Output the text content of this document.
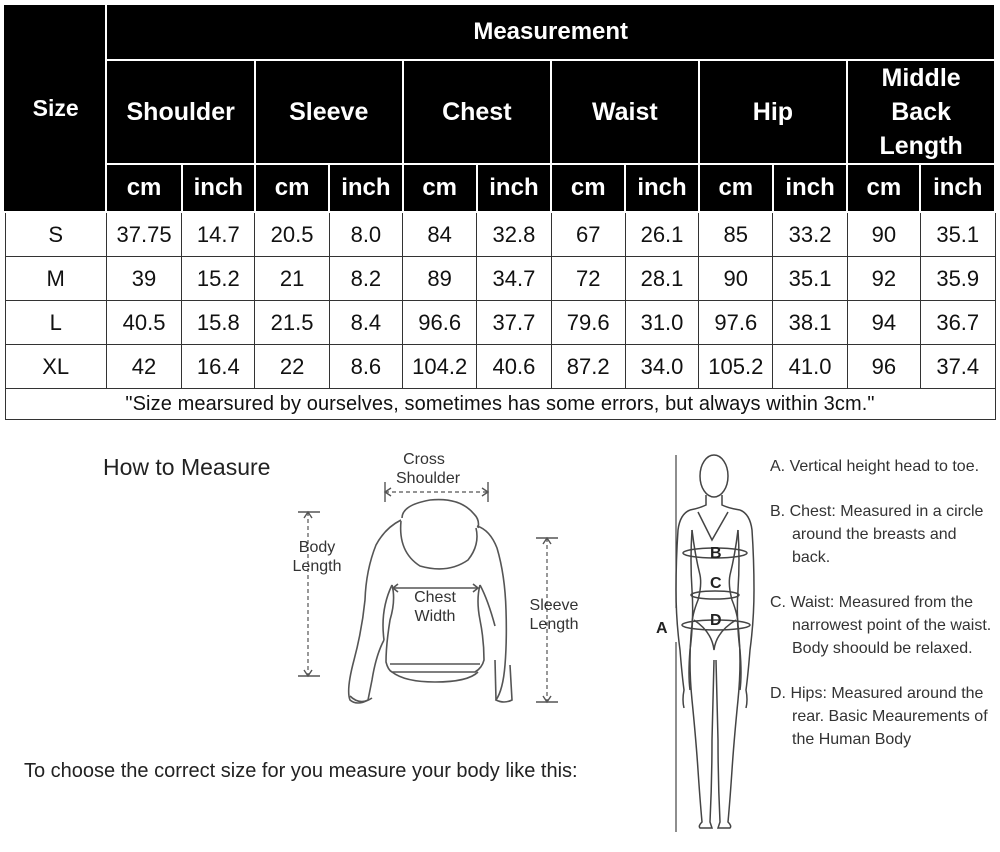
Size	Measurement											
	Shoulder		Sleeve		Chest		Waist		Hip		Middle
Back
Length	
	cm	inch	cm	inch	cm	inch	cm	inch	cm	inch	cm	inch
S	37.75	14.7	20.5	8.0	84	32.8	67	26.1	85	33.2	90	35.1
M	39	15.2	21	8.2	89	34.7	72	28.1	90	35.1	92	35.9
L	40.5	15.8	21.5	8.4	96.6	37.7	79.6	31.0	97.6	38.1	94	36.7
XL	42	16.4	22	8.6	104.2	40.6	87.2	34.0	105.2	41.0	96	37.4
"Size mearsured by ourselves, sometimes has some errors, but always within 3cm."												
How to Measure	Cross
Shoulder
Body
Length
Chest
Width
Sleeve
Length
To choose the correct size for you measure your body like this:
B
C
D
A
A. Vertical height head to toe.
B. Chest: Measured in a circle around the breasts and back.
C. Waist: Measured from the narrowest point of the waist. Body shoould be relaxed.
D. Hips: Measured around the rear. Basic Meaurements of the Human Body
